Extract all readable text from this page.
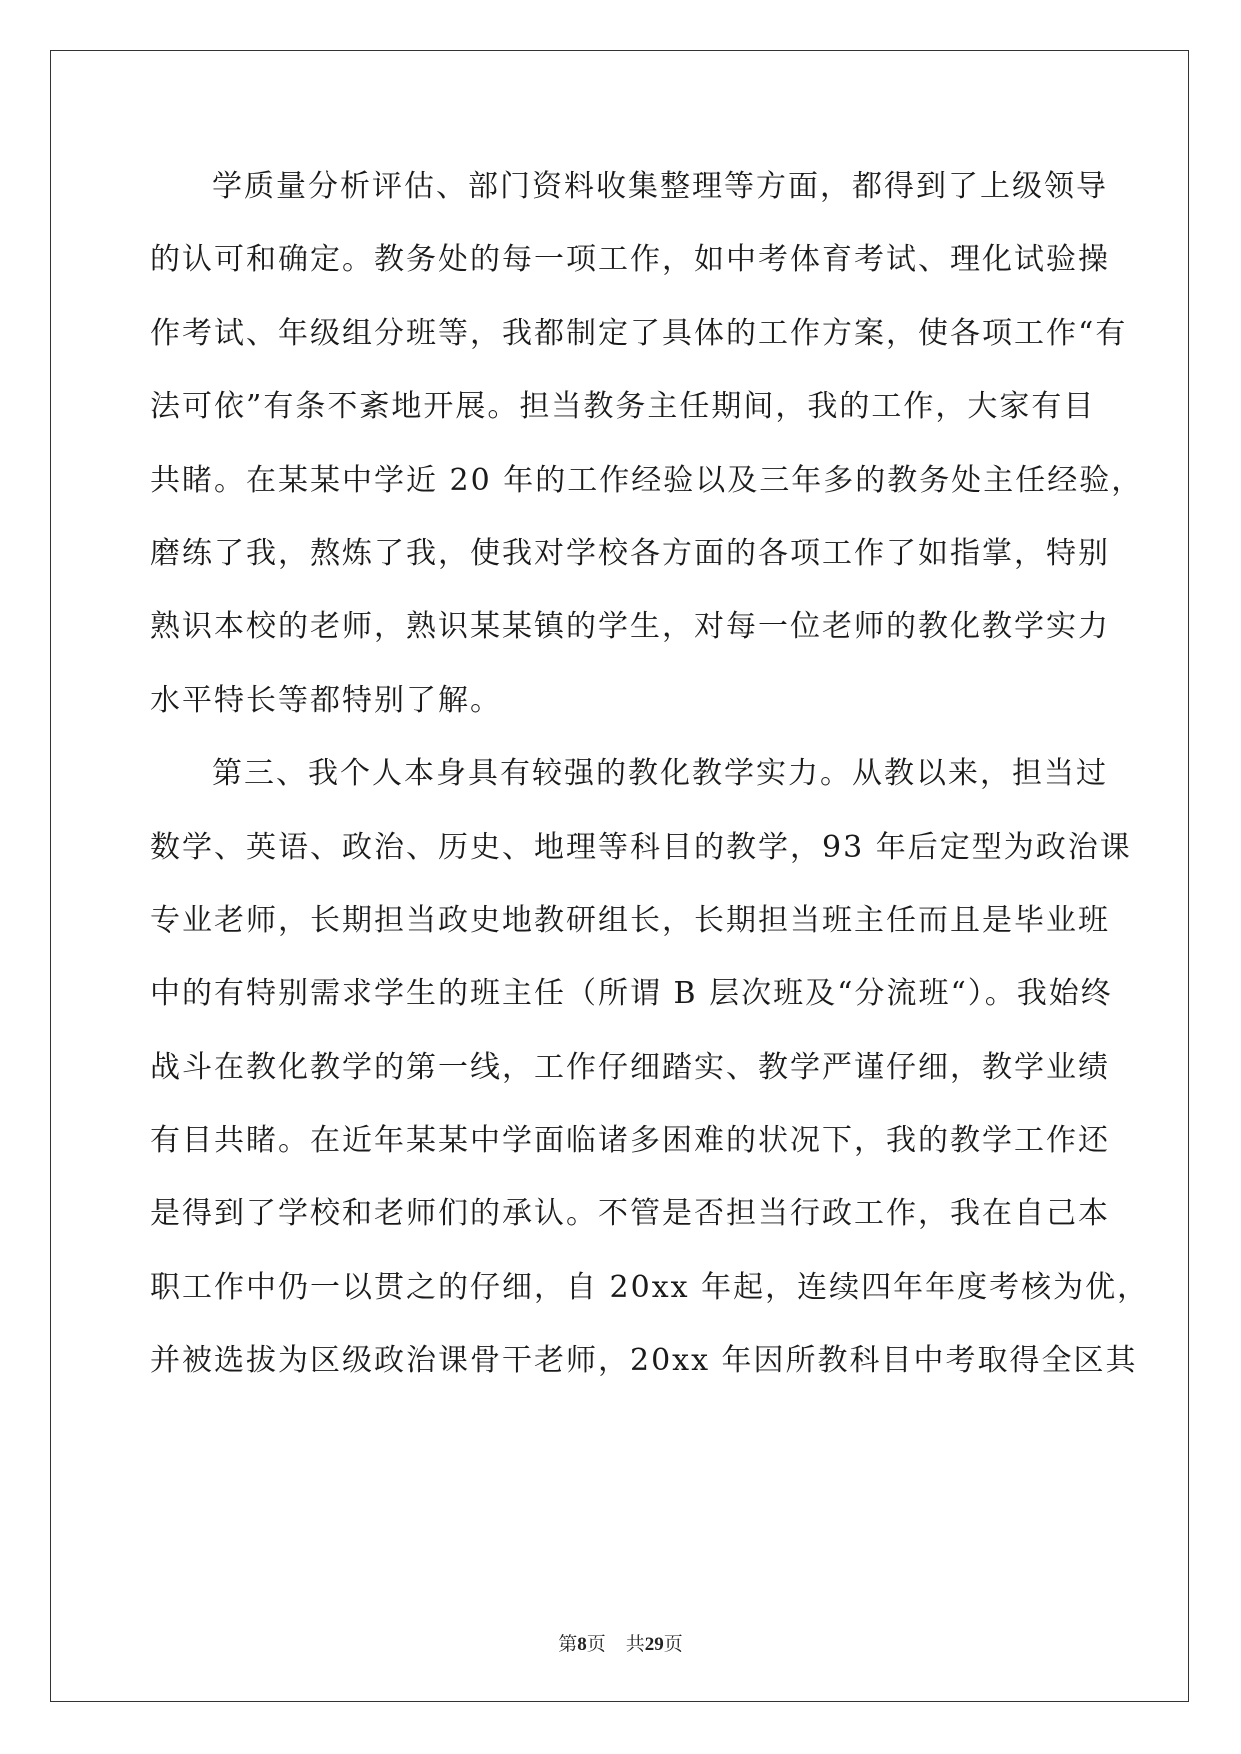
学质量分析评估、部门资料收集整理等方面，都得到了上级领导
的认可和确定。教务处的每一项工作，如中考体育考试、理化试验操
作考试、年级组分班等，我都制定了具体的工作方案，使各项工作“有
法可依”有条不紊地开展。担当教务主任期间，我的工作，大家有目
共睹。在某某中学近 20 年的工作经验以及三年多的教务处主任经验，
磨练了我，熬炼了我，使我对学校各方面的各项工作了如指掌，特别
熟识本校的老师，熟识某某镇的学生，对每一位老师的教化教学实力
水平特长等都特别了解。
第三、我个人本身具有较强的教化教学实力。从教以来，担当过
数学、英语、政治、历史、地理等科目的教学，93 年后定型为政治课
专业老师，长期担当政史地教研组长，长期担当班主任而且是毕业班
中的有特别需求学生的班主任（所谓 B 层次班及“分流班“）。我始终
战斗在教化教学的第一线，工作仔细踏实、教学严谨仔细，教学业绩
有目共睹。在近年某某中学面临诸多困难的状况下，我的教学工作还
是得到了学校和老师们的承认。不管是否担当行政工作，我在自己本
职工作中仍一以贯之的仔细，自 20xx 年起，连续四年年度考核为优，
并被选拔为区级政治课骨干老师，20xx 年因所教科目中考取得全区其
第8页 共29页
